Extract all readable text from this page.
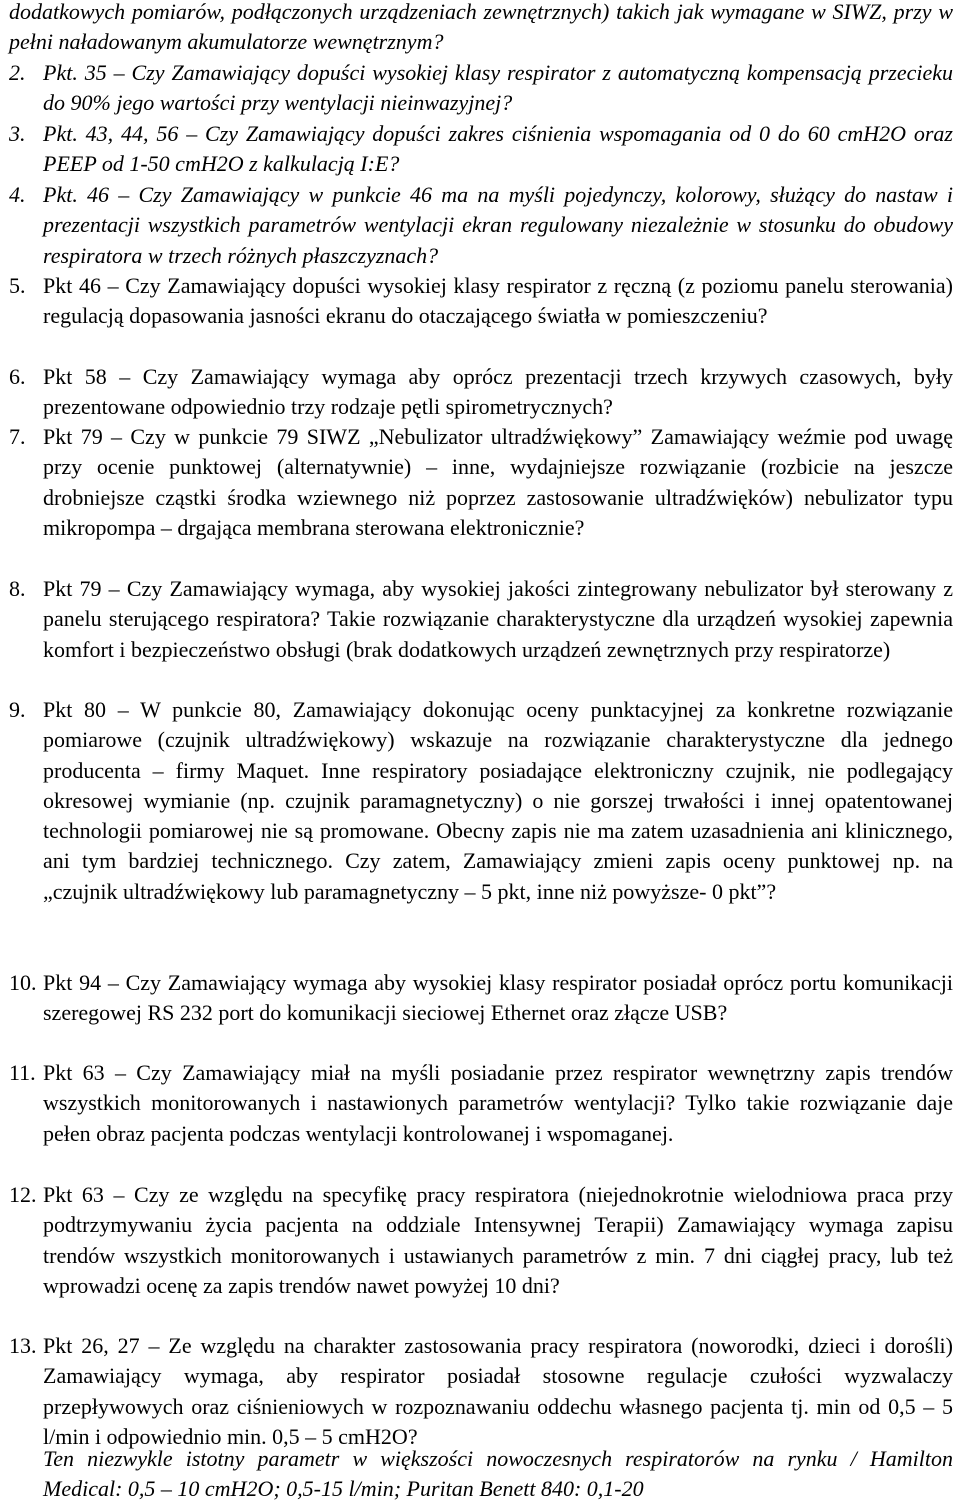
dodatkowych pomiarów, podłączonych urządzeniach zewnętrznych) takich jak wymagane w SIWZ, przy w pełni naładowanym akumulatorze wewnętrznym?
2. Pkt. 35 – Czy Zamawiający dopuści wysokiej klasy respirator z automatyczną kompensacją przecieku do 90% jego wartości przy wentylacji nieinwazyjnej?
3. Pkt. 43, 44, 56 – Czy Zamawiający dopuści zakres ciśnienia wspomagania od 0 do 60 cmH2O oraz PEEP od 1-50 cmH2O z kalkulacją I:E?
4. Pkt. 46 – Czy Zamawiający w punkcie 46 ma na myśli pojedynczy, kolorowy, służący do nastaw i prezentacji wszystkich parametrów wentylacji ekran regulowany niezależnie w stosunku do obudowy respiratora w trzech różnych płaszczyznach?
5. Pkt 46 – Czy Zamawiający dopuści wysokiej klasy respirator z ręczną (z poziomu panelu sterowania) regulacją dopasowania jasności ekranu do otaczającego światła w pomieszczeniu?
6. Pkt 58 – Czy Zamawiający wymaga aby oprócz prezentacji trzech krzywych czasowych, były prezentowane odpowiednio trzy rodzaje pętli spirometrycznych?
7. Pkt 79 – Czy w punkcie 79 SIWZ „Nebulizator ultradźwiękowy” Zamawiający weźmie pod uwagę przy ocenie punktowej (alternatywnie) – inne, wydajniejsze rozwiązanie (rozbicie na jeszcze drobniejsze cząstki środka wziewnego niż poprzez zastosowanie ultradźwięków) nebulizator typu mikropompa – drgająca membrana sterowana elektronicznie?
8. Pkt 79 – Czy Zamawiający wymaga, aby wysokiej jakości zintegrowany nebulizator był sterowany z panelu sterującego respiratora? Takie rozwiązanie charakterystyczne dla urządzeń wysokiej zapewnia komfort i bezpieczeństwo obsługi (brak dodatkowych urządzeń zewnętrznych przy respiratorze)
9. Pkt 80 – W punkcie 80, Zamawiający dokonując oceny punktacyjnej za konkretne rozwiązanie pomiarowe (czujnik ultradźwiękowy) wskazuje na rozwiązanie charakterystyczne dla jednego producenta – firmy Maquet. Inne respiratory posiadające elektroniczny czujnik, nie podlegający okresowej wymianie (np. czujnik paramagnetyczny) o nie gorszej trwałości i innej opatentowanej technologii pomiarowej nie są promowane. Obecny zapis nie ma zatem uzasadnienia ani klinicznego, ani tym bardziej technicznego. Czy zatem, Zamawiający zmieni zapis oceny punktowej np. na „czujnik ultradźwiękowy lub paramagnetyczny – 5 pkt, inne niż powyższe- 0 pkt”?
10. Pkt 94 – Czy Zamawiający wymaga aby wysokiej klasy respirator posiadał oprócz portu komunikacji szeregowej RS 232 port do komunikacji sieciowej Ethernet oraz złącze USB?
11. Pkt 63 – Czy Zamawiający miał na myśli posiadanie przez respirator wewnętrzny zapis trendów wszystkich monitorowanych i nastawionych parametrów wentylacji? Tylko takie rozwiązanie daje pełen obraz pacjenta podczas wentylacji kontrolowanej i wspomaganej.
12. Pkt 63 – Czy ze względu na specyfikę pracy respiratora (niejednokrotnie wielodniowa praca przy podtrzymywaniu życia pacjenta na oddziale Intensywnej Terapii) Zamawiający wymaga zapisu trendów wszystkich monitorowanych i ustawianych parametrów z min. 7 dni ciągłej pracy, lub też wprowadzi ocenę za zapis trendów nawet powyżej 10 dni?
13. Pkt 26, 27 – Ze względu na charakter zastosowania pracy respiratora (noworodki, dzieci i dorośli) Zamawiający wymaga, aby respirator posiadał stosowne regulacje czułości wyzwalaczy przepływowych oraz ciśnieniowych w rozpoznawaniu oddechu własnego pacjenta tj. min od 0,5 – 5 l/min i odpowiednio min. 0,5 – 5 cmH2O?
Ten niezwykle istotny parametr w większości nowoczesnych respiratorów na rynku / Hamilton Medical: 0,5 – 10 cmH2O; 0,5-15 l/min; Puritan Benett 840: 0,1-20
